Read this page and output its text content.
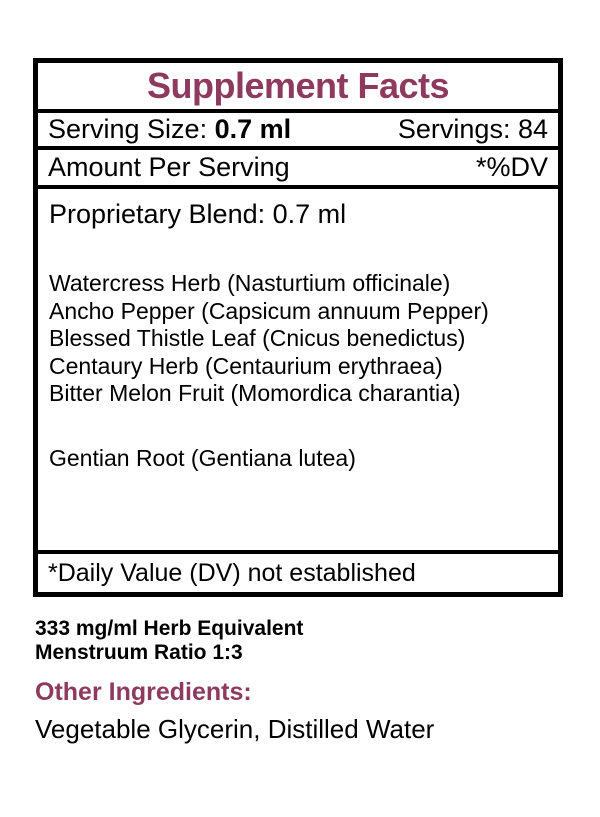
Supplement Facts
Serving Size: 0.7 ml	Servings: 84
Amount Per Serving	*%DV
Proprietary Blend: 0.7 ml
Watercress Herb (Nasturtium officinale)
Ancho Pepper (Capsicum annuum Pepper)
Blessed Thistle Leaf (Cnicus benedictus)
Centaury Herb (Centaurium erythraea)
Bitter Melon Fruit (Momordica charantia)
Gentian Root (Gentiana lutea)
*Daily Value (DV) not established
333 mg/ml Herb Equivalent
Menstruum Ratio 1:3
Other Ingredients:
Vegetable Glycerin, Distilled Water
